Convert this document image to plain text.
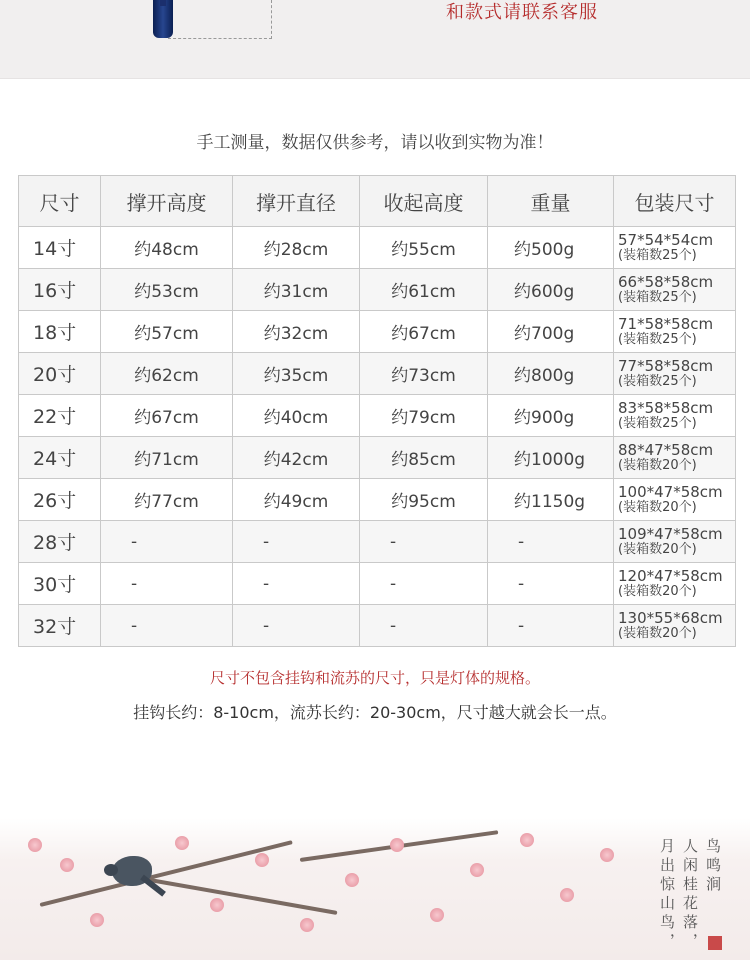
和款式请联系客服
手工测量，数据仅供参考，请以收到实物为准！
尺寸	撑开高度	撑开直径	收起高度	重量	包装尺寸
14寸	约48cm	约28cm	约55cm	约500g	57*54*54cm
(装箱数25个)

16寸	约53cm	约31cm	约61cm	约600g	66*58*58cm
(装箱数25个)

18寸	约57cm	约32cm	约67cm	约700g	71*58*58cm
(装箱数25个)

20寸	约62cm	约35cm	约73cm	约800g	77*58*58cm
(装箱数25个)

22寸	约67cm	约40cm	约79cm	约900g	83*58*58cm
(装箱数25个)

24寸	约71cm	约42cm	约85cm	约1000g	88*47*58cm
(装箱数20个)

26寸	约77cm	约49cm	约95cm	约1150g	100*47*58cm
(装箱数20个)

28寸	-	-	-	-	109*47*58cm
(装箱数20个)

30寸	-	-	-	-	120*47*58cm
(装箱数20个)

32寸	-	-	-	-	130*55*68cm
(装箱数20个)
尺寸不包含挂钩和流苏的尺寸，只是灯体的规格。
挂钩长约：8-10cm，流苏长约：20-30cm，尺寸越大就会长一点。
鸟鸣涧
人闲桂花落，
月出惊山鸟，
